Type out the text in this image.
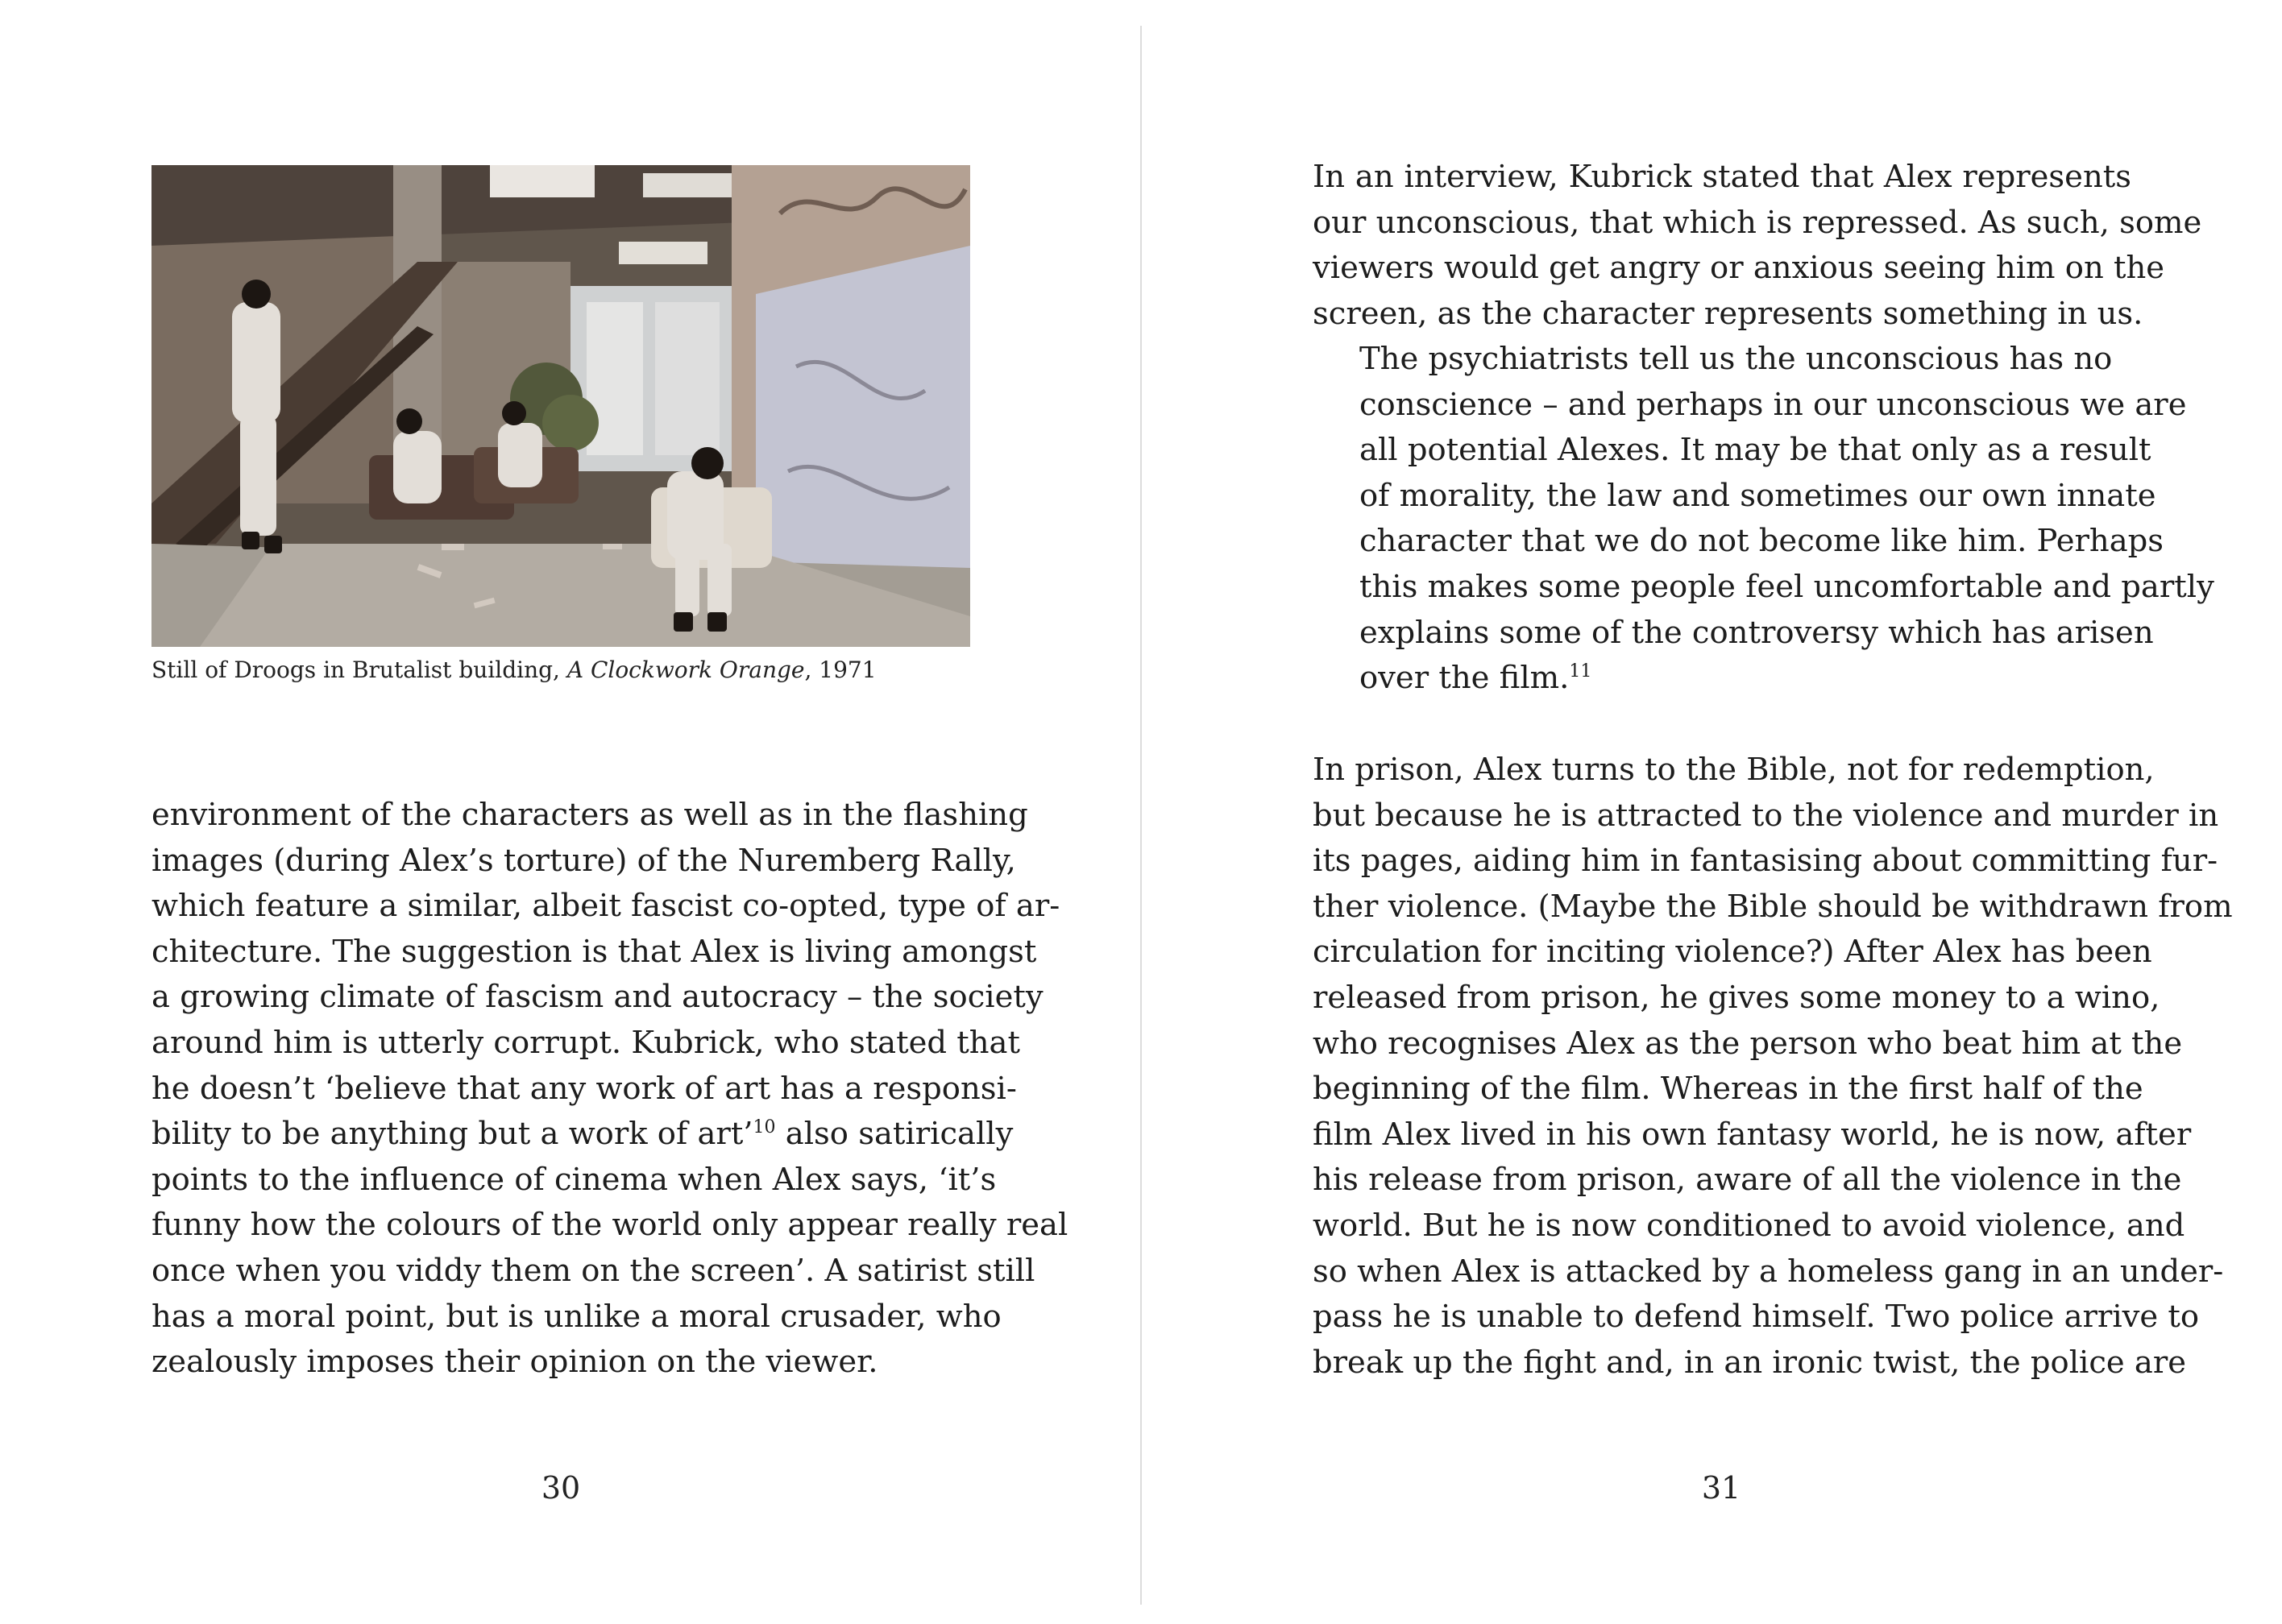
Still of Droogs in Brutalist building, A Clockwork Orange, 1971
environment of the characters as well as in the flashing
images (during Alex’s torture) of the Nuremberg Rally,
which feature a similar, albeit fascist co-opted, type of ar-
chitecture. The suggestion is that Alex is living amongst
a growing climate of fascism and autocracy – the society
around him is utterly corrupt. Kubrick, who stated that
he doesn’t ‘believe that any work of art has a responsi-
bility to be anything but a work of art’$^{10}$ also satirically
points to the influence of cinema when Alex says, ‘it’s
funny how the colours of the world only appear really real
once when you viddy them on the screen’. A satirist still
has a moral point, but is unlike a moral crusader, who
zealously imposes their opinion on the viewer.
30
In an interview, Kubrick stated that Alex represents
our unconscious, that which is repressed. As such, some
viewers would get angry or anxious seeing him on the
screen, as the character represents something in us.
The psychiatrists tell us the unconscious has no
conscience – and perhaps in our unconscious we are
all potential Alexes. It may be that only as a result
of morality, the law and sometimes our own innate
character that we do not become like him. Perhaps
this makes some people feel uncomfortable and partly
explains some of the controversy which has arisen
over the film.$^{11}$
In prison, Alex turns to the Bible, not for redemption,
but because he is attracted to the violence and murder in
its pages, aiding him in fantasising about committing fur-
ther violence. (Maybe the Bible should be withdrawn from
circulation for inciting violence?) After Alex has been
released from prison, he gives some money to a wino,
who recognises Alex as the person who beat him at the
beginning of the film. Whereas in the first half of the
film Alex lived in his own fantasy world, he is now, after
his release from prison, aware of all the violence in the
world. But he is now conditioned to avoid violence, and
so when Alex is attacked by a homeless gang in an under-
pass he is unable to defend himself. Two police arrive to
break up the fight and, in an ironic twist, the police are
31
